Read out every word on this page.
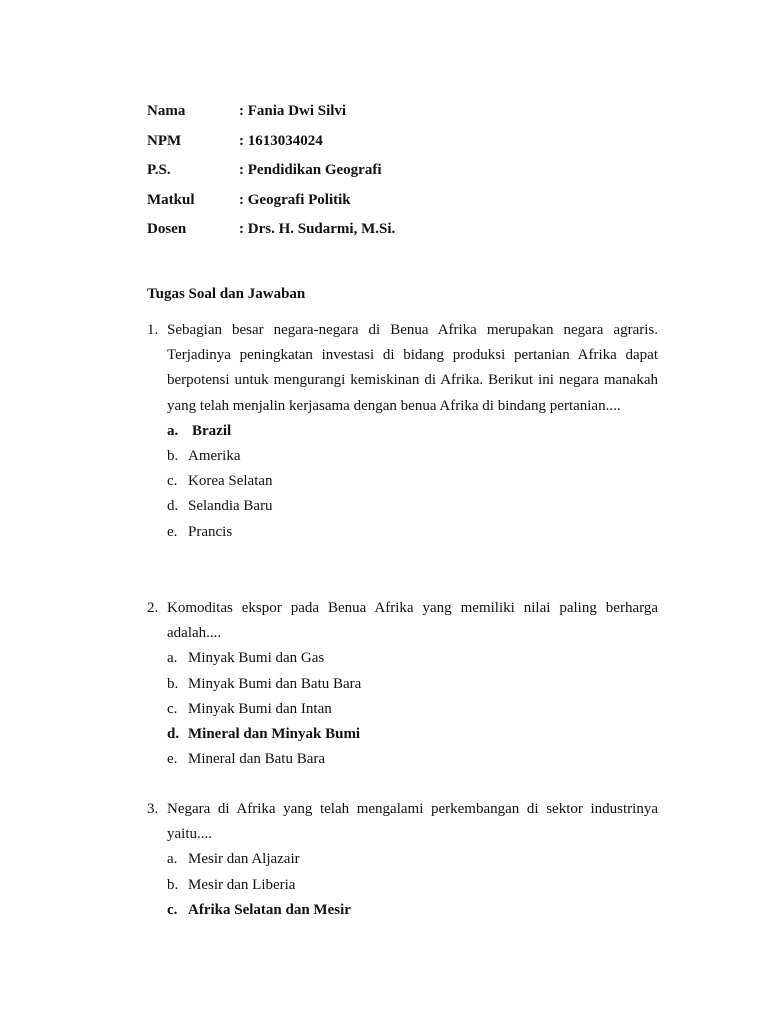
Nama	: Fania Dwi Silvi
NPM	: 1613034024
P.S.	: Pendidikan Geografi
Matkul	: Geografi Politik
Dosen	: Drs. H. Sudarmi, M.Si.
Tugas Soal dan Jawaban
1. Sebagian besar negara-negara di Benua Afrika merupakan negara agraris. Terjadinya peningkatan investasi di bidang produksi pertanian Afrika dapat berpotensi untuk mengurangi kemiskinan di Afrika. Berikut ini negara manakah yang telah menjalin kerjasama dengan benua Afrika di bindang pertanian....
a. Brazil
b. Amerika
c. Korea Selatan
d. Selandia Baru
e. Prancis
2. Komoditas ekspor pada Benua Afrika yang memiliki nilai paling berharga adalah....
a. Minyak Bumi dan Gas
b. Minyak Bumi dan Batu Bara
c. Minyak Bumi dan Intan
d. Mineral dan Minyak Bumi
e. Mineral dan Batu Bara
3. Negara di Afrika yang telah mengalami perkembangan di sektor industrinya yaitu....
a. Mesir dan Aljazair
b. Mesir dan Liberia
c. Afrika Selatan dan Mesir
